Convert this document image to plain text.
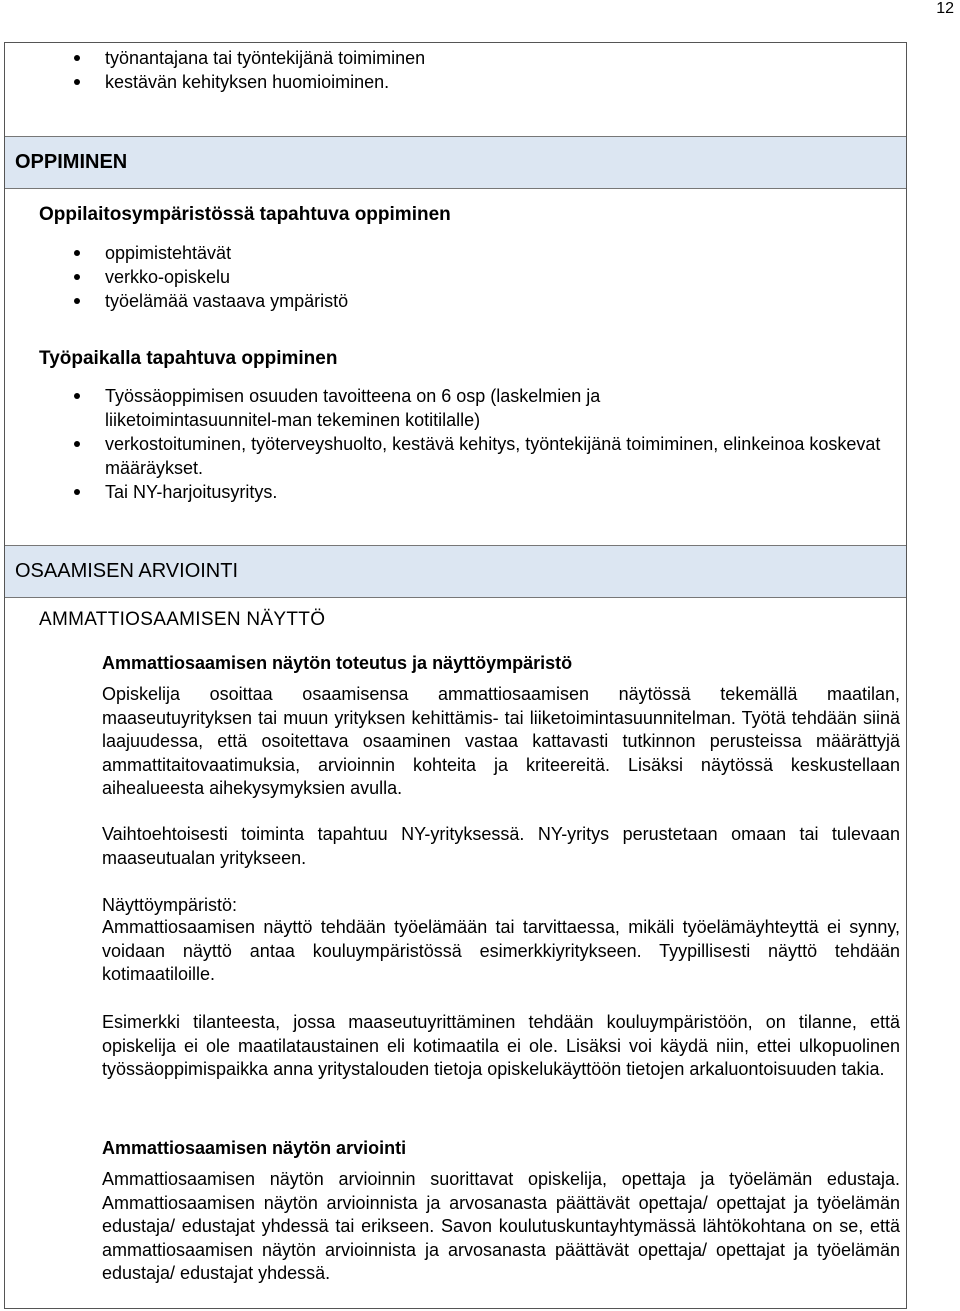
12
työnantajana tai työntekijänä toimiminen
kestävän kehityksen huomioiminen.
OPPIMINEN
Oppilaitosympäristössä tapahtuva oppiminen
oppimistehtävät
verkko-opiskelu
työelämää vastaava ympäristö
Työpaikalla tapahtuva oppiminen
Työssäoppimisen osuuden tavoitteena on 6 osp (laskelmien ja liiketoimintasuunnitel-man tekeminen kotitilalle)
verkostoituminen, työterveyshuolto, kestävä kehitys, työntekijänä toimiminen, elinkeinoa koskevat määräykset.
Tai NY-harjoitusyritys.
OSAAMISEN ARVIOINTI
AMMATTIOSAAMISEN NÄYTTÖ
Ammattiosaamisen näytön toteutus ja näyttöympäristö

Opiskelija osoittaa osaamisensa ammattiosaamisen näytössä tekemällä maatilan, maaseutuyrityksen tai muun yrityksen kehittämis- tai liiketoimintasuunnitelman. Työtä tehdään siinä laajuudessa, että osoitettava osaaminen vastaa kattavasti tutkinnon perusteissa määrättyjä ammattitaitovaatimuksia, arvioinnin kohteita ja kriteereitä. Lisäksi näytössä keskustellaan aihealueesta aihekysymyksien avulla.

Vaihtoehtoisesti toiminta tapahtuu NY-yrityksessä. NY-yritys perustetaan omaan tai tulevaan maaseutualan yritykseen.

Näyttöympäristö:

Ammattiosaamisen näyttö tehdään työelämään tai tarvittaessa, mikäli työelämäyhteyttä ei synny, voidaan näyttö antaa kouluympäristössä esimerkkiyritykseen. Tyypillisesti näyttö tehdään kotimaatiloille.

Esimerkki tilanteesta, jossa maaseutuyrittäminen tehdään kouluympäristöön, on tilanne, että opiskelija ei ole maatilataustainen eli kotimaatila ei ole. Lisäksi voi käydä niin, ettei ulkopuolinen työssäoppimispaikka anna yritystalouden tietoja opiskelukäyttöön tietojen arkaluontoisuuden takia.

Ammattiosaamisen näytön arviointi

Ammattiosaamisen näytön arvioinnin suorittavat opiskelija, opettaja ja työelämän edustaja. Ammattiosaamisen näytön arvioinnista ja arvosanasta päättävät opettaja/ opettajat ja työelämän edustaja/ edustajat yhdessä tai erikseen. Savon koulutuskuntayhtymässä lähtökohtana on se, että ammattiosaamisen näytön arvioinnista ja arvosanasta päättävät opettaja/ opettajat ja työelämän edustaja/ edustajat yhdessä.
